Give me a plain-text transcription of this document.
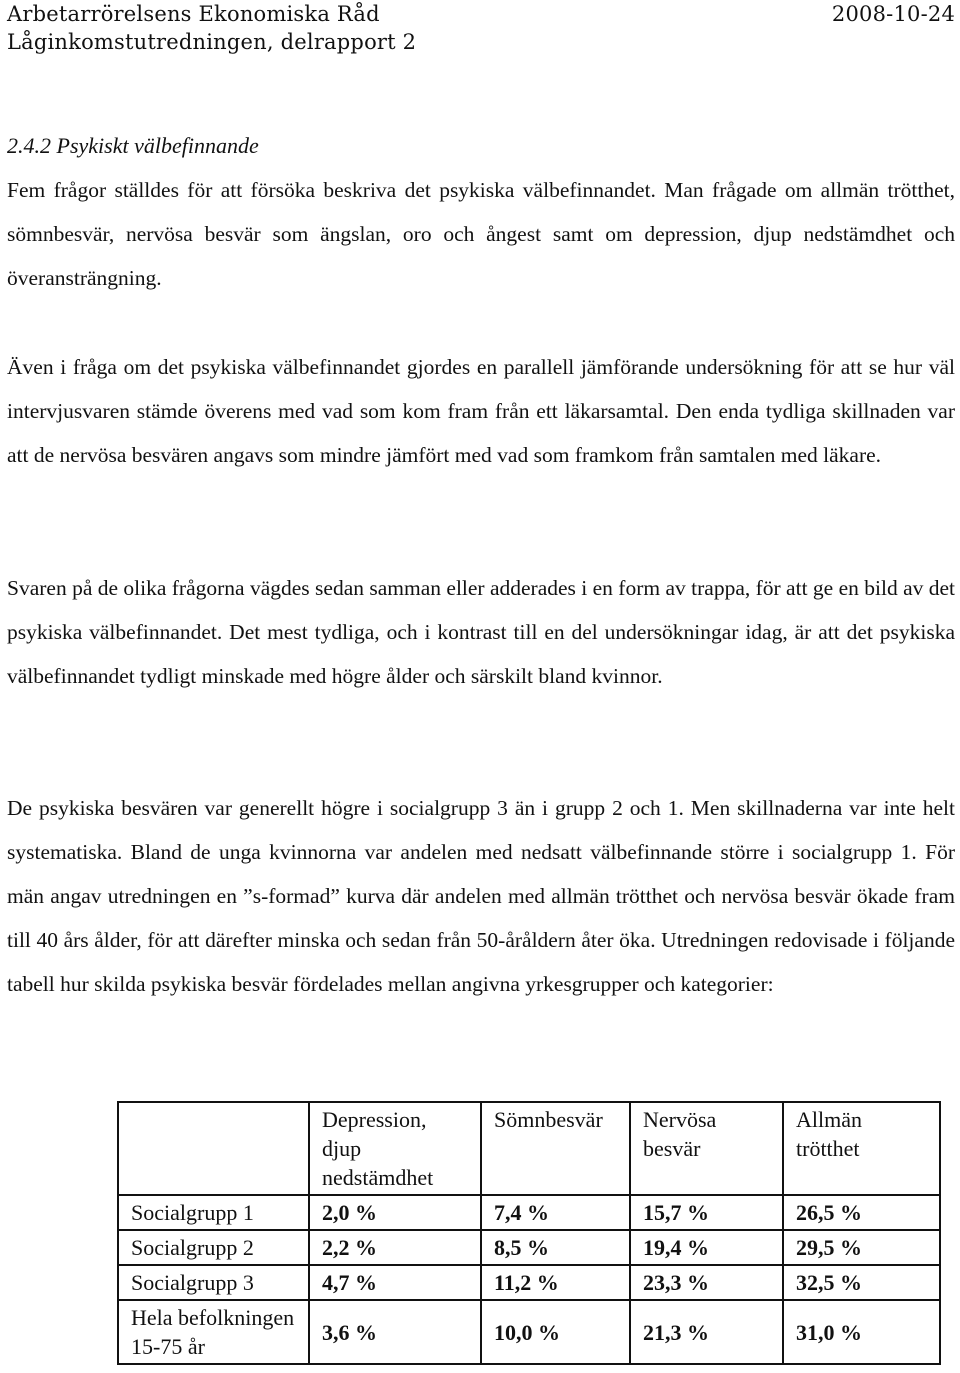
Arbetarrörelsens Ekonomiska Råd	2008-10-24
Låginkomstutredningen, delrapport 2
2.4.2 Psykiskt välbefinnande

Fem frågor ställdes för att försöka beskriva det psykiska välbefinnandet. Man frågade om allmän trötthet, sömnbesvär, nervösa besvär som ängslan, oro och ångest samt om depression, djup nedstämdhet och överansträngning.

Även i fråga om det psykiska välbefinnandet gjordes en parallell jämförande undersökning för att se hur väl intervjusvaren stämde överens med vad som kom fram från ett läkarsamtal. Den enda tydliga skillnaden var att de nervösa besvären angavs som mindre jämfört med vad som framkom från samtalen med läkare.

Svaren på de olika frågorna vägdes sedan samman eller adderades i en form av trappa, för att ge en bild av det psykiska välbefinnandet. Det mest tydliga, och i kontrast till en del undersökningar idag, är att det psykiska välbefinnandet tydligt minskade med högre ålder och särskilt bland kvinnor.

De psykiska besvären var generellt högre i socialgrupp 3 än i grupp 2 och 1. Men skillnaderna var inte helt systematiska. Bland de unga kvinnorna var andelen med nedsatt välbefinnande större i socialgrupp 1. För män angav utredningen en ”s-formad” kurva där andelen med allmän trötthet och nervösa besvär ökade fram till 40 års ålder, för att därefter minska och sedan från 50-åråldern åter öka. Utredningen redovisade i följande tabell hur skilda psykiska besvär fördelades mellan angivna yrkesgrupper och kategorier:

	Depression, djup nedstämdhet	Sömnbesvär	Nervösa besvär	Allmän trötthet
Socialgrupp 1	2,0 %	7,4 %	15,7 %	26,5 %
Socialgrupp 2	2,2 %	8,5 %	19,4 %	29,5 %
Socialgrupp 3	4,7 %	11,2 %	23,3 %	32,5 %
Hela befolkningen 15-75 år	3,6 %	10,0 %	21,3 %	31,0 %
